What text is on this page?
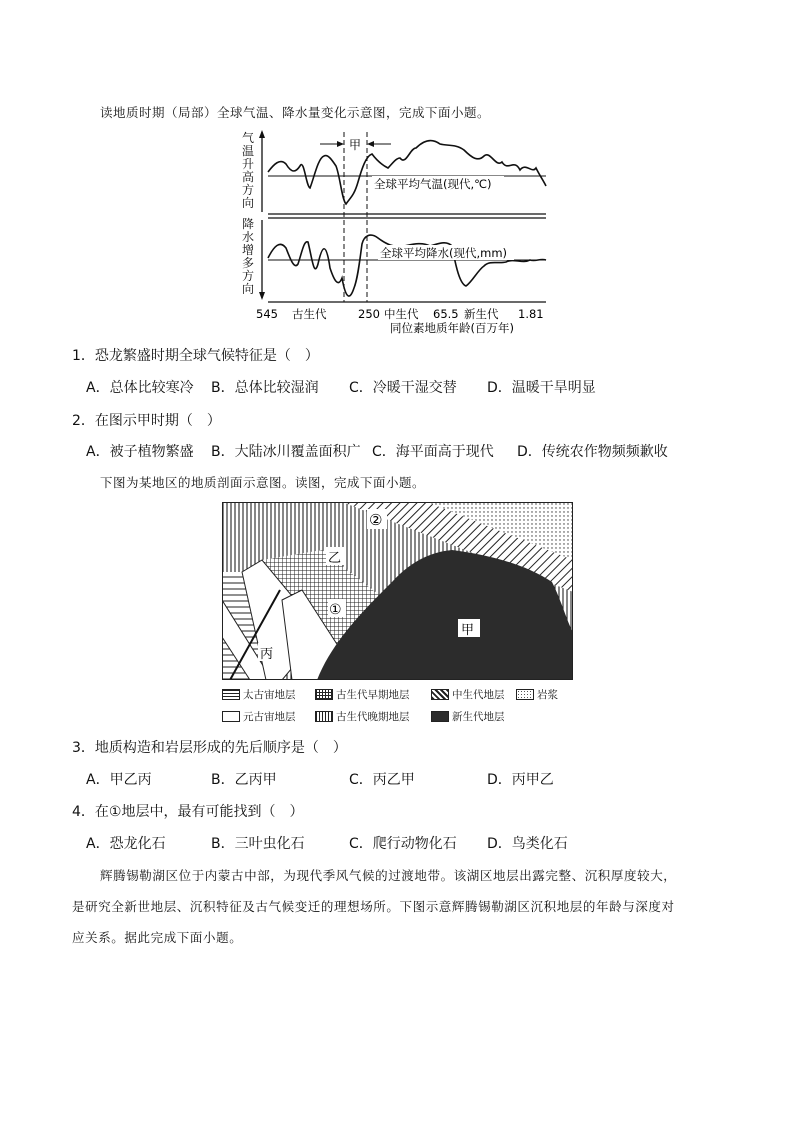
读地质时期（局部）全球气温、降水量变化示意图，完成下面小题。
气
温
升
高
方
向
降
水
增
多
方
向
甲
全球平均气温(现代,℃)
全球平均降水(现代,mm)
545 古生代	250 中生代 65.5 新生代 1.81
同位素地质年龄(百万年)
1．恐龙繁盛时期全球气候特征是（　）
A．总体比较寒冷 B．总体比较湿润 C．冷暖干湿交替 D．温暖干旱明显
2．在图示甲时期（　）
A．被子植物繁盛 B．大陆冰川覆盖面积广 C．海平面高于现代 D．传统农作物频频歉收
下图为某地区的地质剖面示意图。读图，完成下面小题。
②
乙
①
甲
丙
太古宙地层	古生代早期地层	中生代地层	岩浆
元古宙地层	古生代晚期地层	新生代地层
3．地质构造和岩层形成的先后顺序是（　）
A．甲乙丙	B．乙丙甲	C．丙乙甲	D．丙甲乙
4．在①地层中，最有可能找到（　）
A．恐龙化石	B．三叶虫化石	C．爬行动物化石 D．鸟类化石
辉腾锡勒湖区位于内蒙古中部，为现代季风气候的过渡地带。该湖区地层出露完整、沉积厚度较大，
是研究全新世地层、沉积特征及古气候变迁的理想场所。下图示意辉腾锡勒湖区沉积地层的年龄与深度对
应关系。据此完成下面小题。
